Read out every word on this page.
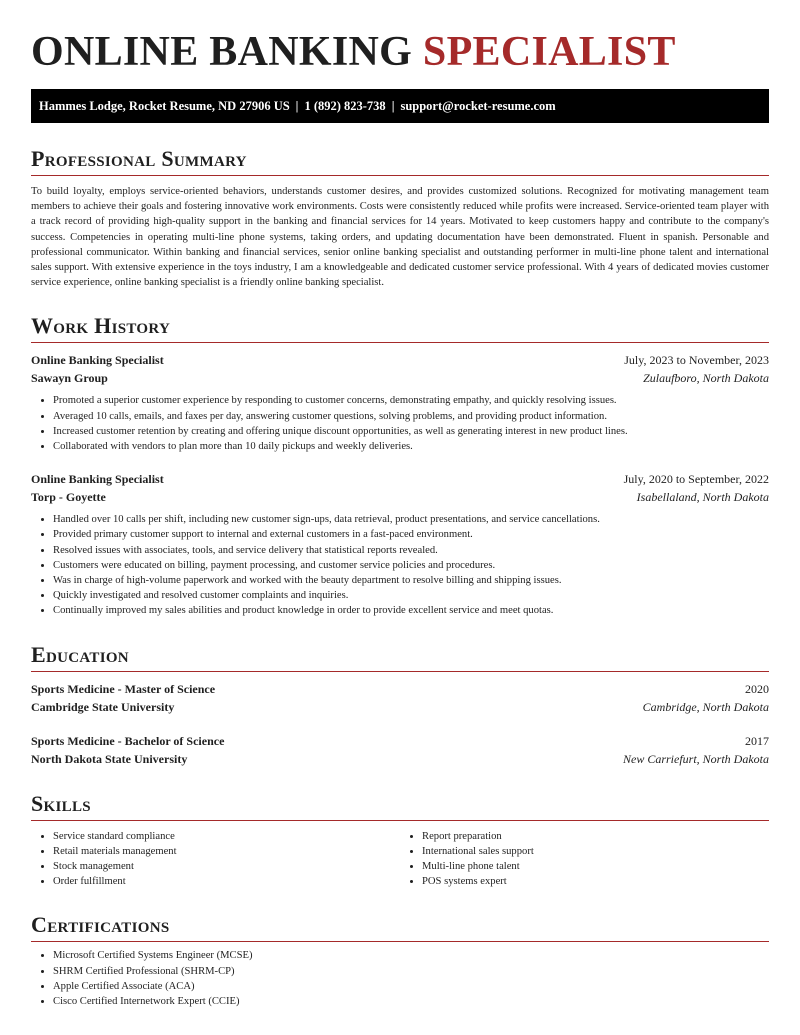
ONLINE BANKING SPECIALIST
Hammes Lodge, Rocket Resume, ND 27906 US | 1 (892) 823-738 | support@rocket-resume.com
Professional Summary

To build loyalty, employs service-oriented behaviors, understands customer desires, and provides customized solutions. Recognized for motivating management team members to achieve their goals and fostering innovative work environments. Costs were consistently reduced while profits were increased. Service-oriented team player with a track record of providing high-quality support in the banking and financial services for 14 years. Motivated to keep customers happy and contribute to the company's success. Competencies in operating multi-line phone systems, taking orders, and updating documentation have been demonstrated. Fluent in spanish. Personable and professional communicator. Within banking and financial services, senior online banking specialist and outstanding performer in multi-line phone talent and international sales support. With extensive experience in the toys industry, I am a knowledgeable and dedicated customer service professional. With 4 years of dedicated movies customer service experience, online banking specialist is a friendly online banking specialist.

Work History
Online Banking Specialist	July, 2023 to November, 2023
Sawayn Group	Zulaufboro, North Dakota
• Promoted a superior customer experience by responding to customer concerns, demonstrating empathy, and quickly resolving issues.
• Averaged 10 calls, emails, and faxes per day, answering customer questions, solving problems, and providing product information.
• Increased customer retention by creating and offering unique discount opportunities, as well as generating interest in new product lines.
• Collaborated with vendors to plan more than 10 daily pickups and weekly deliveries.
Online Banking Specialist	July, 2020 to September, 2022
Torp - Goyette	Isabellaland, North Dakota
• Handled over 10 calls per shift, including new customer sign-ups, data retrieval, product presentations, and service cancellations.
• Provided primary customer support to internal and external customers in a fast-paced environment.
• Resolved issues with associates, tools, and service delivery that statistical reports revealed.
• Customers were educated on billing, payment processing, and customer service policies and procedures.
• Was in charge of high-volume paperwork and worked with the beauty department to resolve billing and shipping issues.
• Quickly investigated and resolved customer complaints and inquiries.
• Continually improved my sales abilities and product knowledge in order to provide excellent service and meet quotas.
Education
Sports Medicine - Master of Science	2020
Cambridge State University	Cambridge, North Dakota
Sports Medicine - Bachelor of Science	2017
North Dakota State University	New Carriefurt, North Dakota
Skills
• Service standard compliance
• Retail materials management
• Stock management
• Order fulfillment
• Report preparation
• International sales support
• Multi-line phone talent
• POS systems expert
Certifications
• Microsoft Certified Systems Engineer (MCSE)
• SHRM Certified Professional (SHRM-CP)
• Apple Certified Associate (ACA)
• Cisco Certified Internetwork Expert (CCIE)
